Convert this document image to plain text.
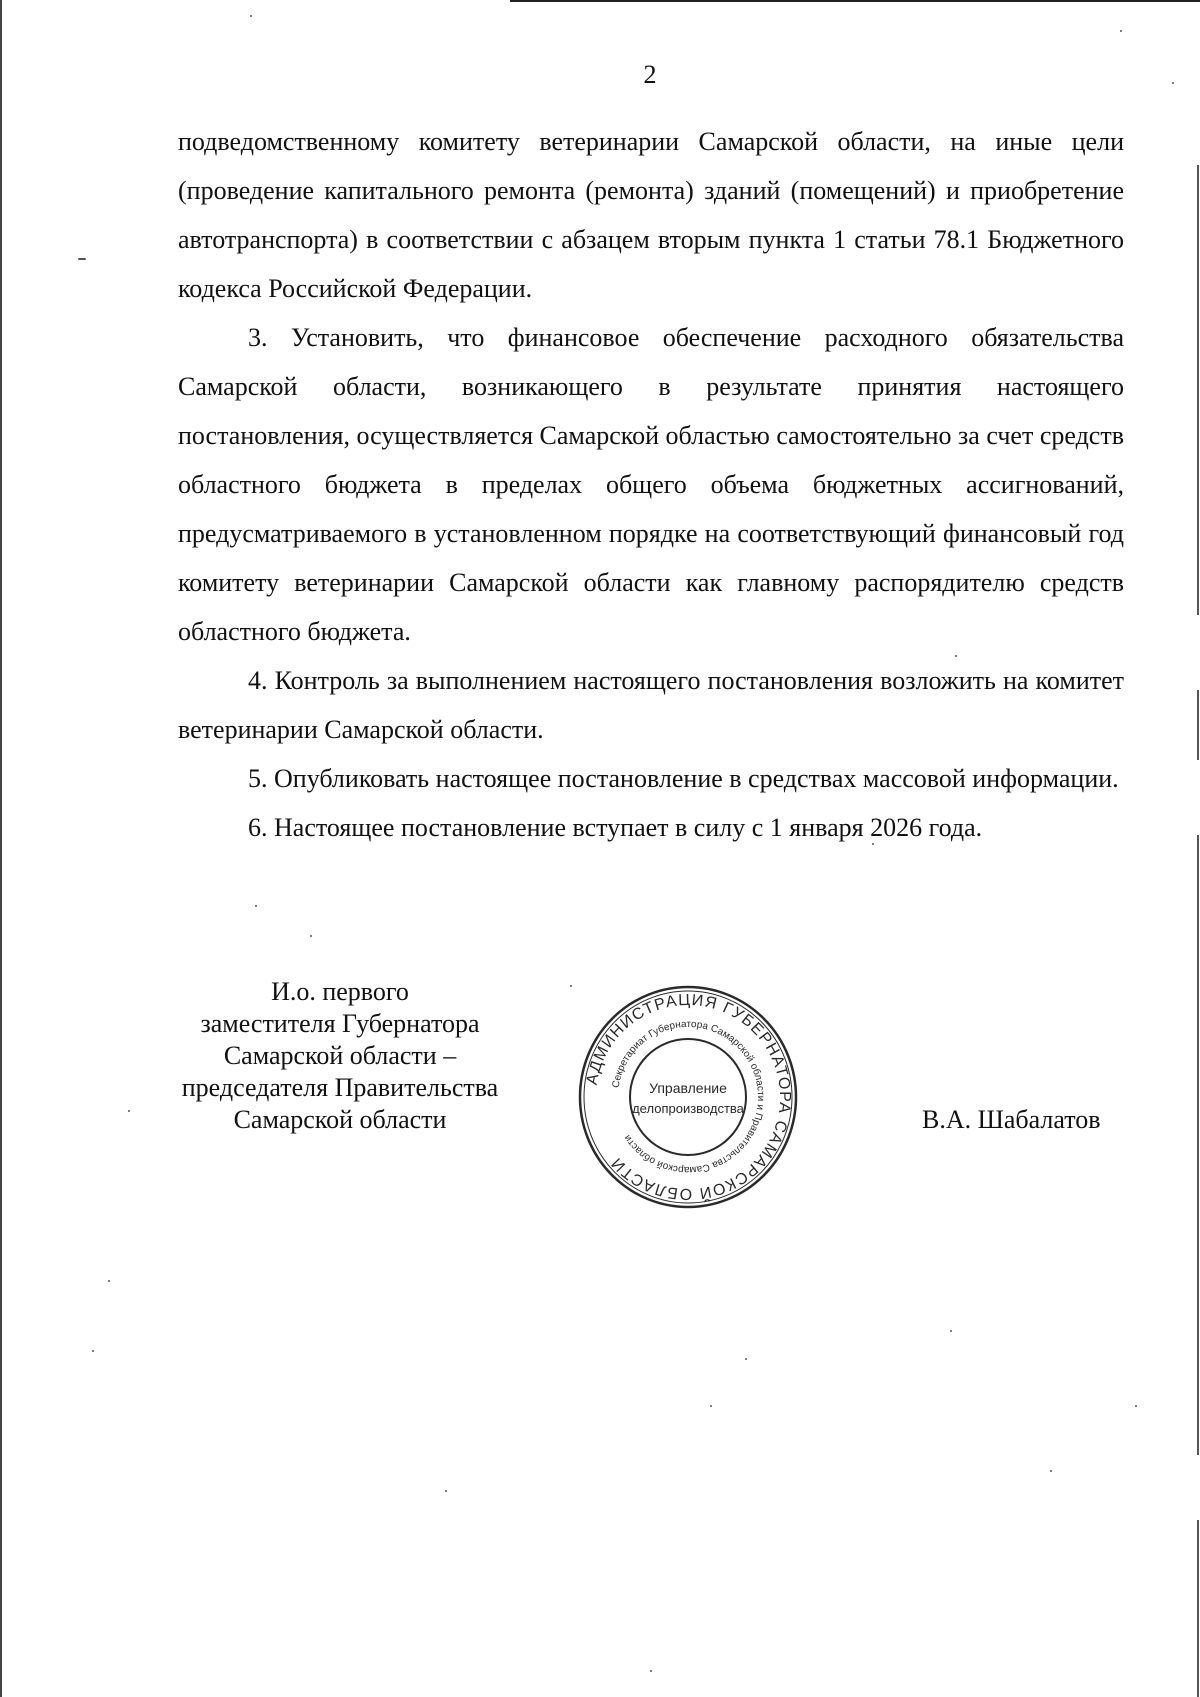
2

подведомственному комитету ветеринарии Самарской области, на иные цели (проведение капитального ремонта (ремонта) зданий (помещений) и приобретение автотранспорта) в соответствии с абзацем вторым пункта 1 статьи 78.1 Бюджетного кодекса Российской Федерации.

3. Установить, что финансовое обеспечение расходного обязательства Самарской области, возникающего в результате принятия настоящего постановления, осуществляется Самарской областью самостоятельно за счет средств областного бюджета в пределах общего объема бюджетных ассигнований, предусматриваемого в установленном порядке на соответствующий финансовый год комитету ветеринарии Самарской области как главному распорядителю средств областного бюджета.

4. Контроль за выполнением настоящего постановления возложить на комитет ветеринарии Самарской области.

5. Опубликовать настоящее постановление в средствах массовой информации.

6. Настоящее постановление вступает в силу с 1 января 2026 года.

И.о. первого
заместителя Губернатора
Самарской области –
председателя Правительства
Самарской области
АДМИНИСТРАЦИЯ ГУБЕРНАТОРА САМАРСКОЙ ОБЛАСТИ
Секретариат Губернатора Самарской области и Правительства Самарской области
Управление
делопроизводства	В.А. Шабалатов
